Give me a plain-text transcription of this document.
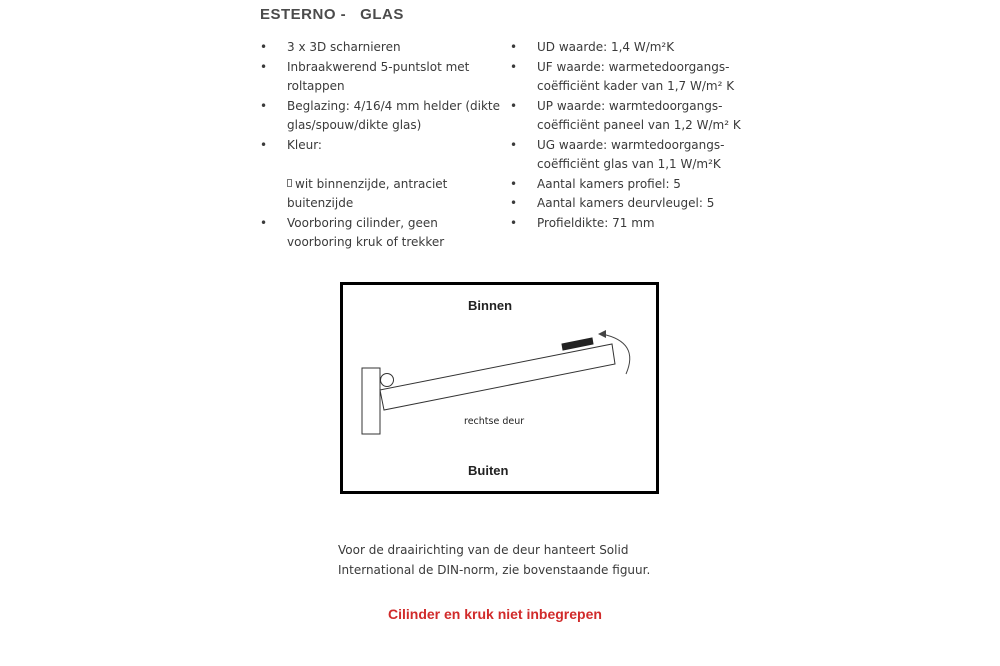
ESTERNO -   GLAS
• 3 x 3D scharnieren
• Inbraakwerend 5-puntslot met roltappen
• Beglazing: 4/16/4 mm helder (dikte glas/spouw/dikte glas)
• Kleur:
wit binnenzijde, antraciet buitenzijde
• Voorboring cilinder, geen voorboring kruk of trekker
• UD waarde: 1,4 W/m²K
• UF waarde: warmetedoorgangs-coëfficiënt kader van 1,7 W/m² K
• UP waarde: warmtedoorgangs-coëfficiënt paneel van 1,2 W/m² K
• UG waarde: warmtedoorgangs-coëfficiënt glas van 1,1 W/m²K
• Aantal kamers profiel: 5
• Aantal kamers deurvleugel: 5
• Profieldikte: 71 mm
Binnen
rechtse deur
Buiten
Voor de draairichting van de deur hanteert Solid International de DIN-norm, zie bovenstaande figuur.
Cilinder en kruk niet inbegrepen
